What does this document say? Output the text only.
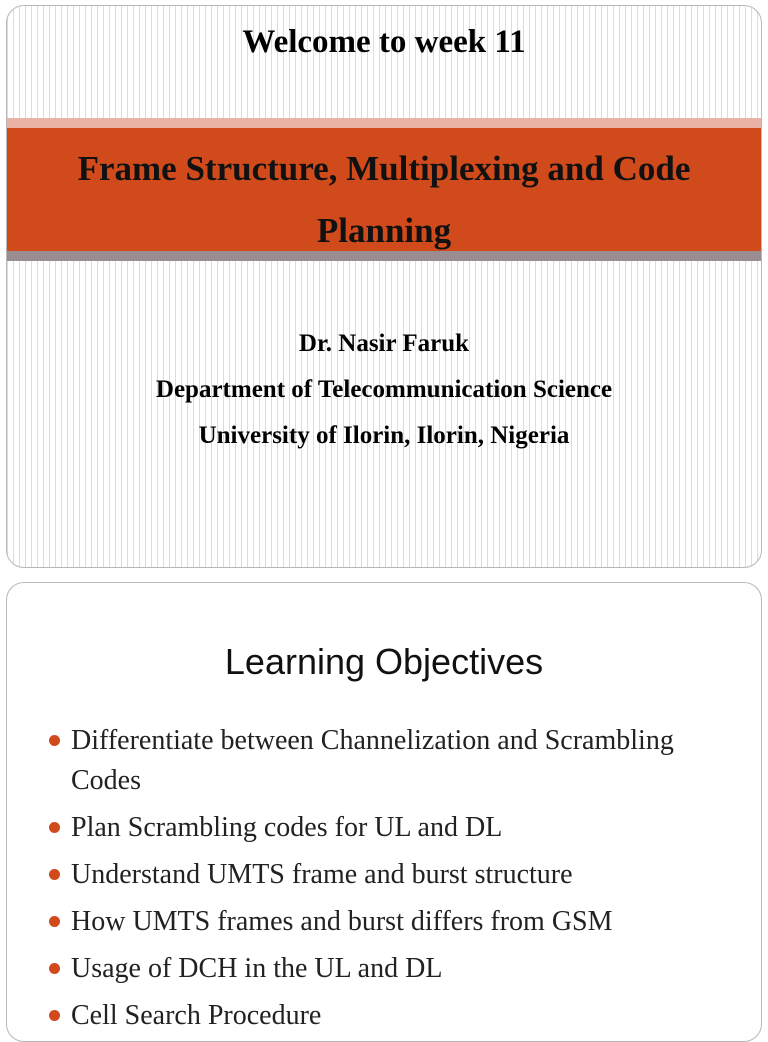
Welcome to week 11
Frame Structure, Multiplexing and Code Planning
Dr. Nasir Faruk
Department of Telecommunication Science
University of Ilorin, Ilorin, Nigeria
Learning Objectives
Differentiate between Channelization and Scrambling Codes
Plan Scrambling codes for UL and DL
Understand UMTS frame and burst structure
How UMTS frames and burst differs from GSM
Usage of DCH in the UL and DL
Cell Search Procedure
